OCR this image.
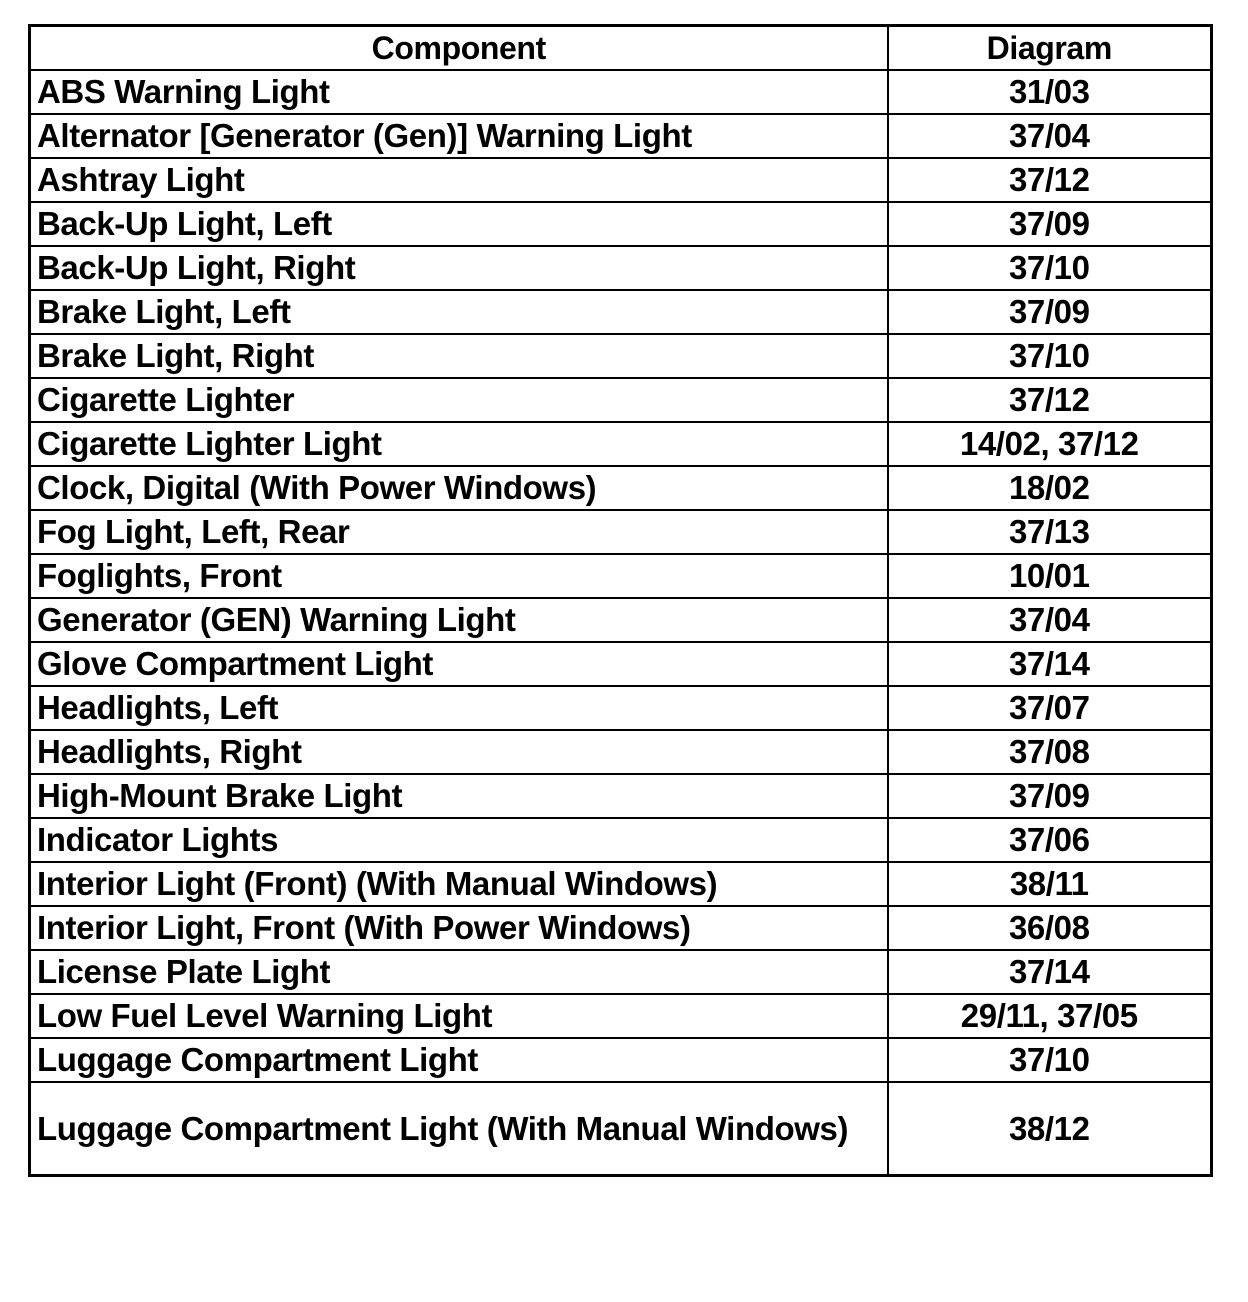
Component	Diagram
ABS Warning Light	31/03
Alternator [Generator (Gen)] Warning Light	37/04
Ashtray Light	37/12
Back-Up Light, Left	37/09
Back-Up Light, Right	37/10
Brake Light, Left	37/09
Brake Light, Right	37/10
Cigarette Lighter	37/12
Cigarette Lighter Light	14/02, 37/12
Clock, Digital (With Power Windows)	18/02
Fog Light, Left, Rear	37/13
Foglights, Front	10/01
Generator (GEN) Warning Light	37/04
Glove Compartment Light	37/14
Headlights, Left	37/07
Headlights, Right	37/08
High-Mount Brake Light	37/09
Indicator Lights	37/06
Interior Light (Front) (With Manual Windows)	38/11
Interior Light, Front (With Power Windows)	36/08
License Plate Light	37/14
Low Fuel Level Warning Light	29/11, 37/05
Luggage Compartment Light	37/10
Luggage Compartment Light (With Manual Windows)	38/12
